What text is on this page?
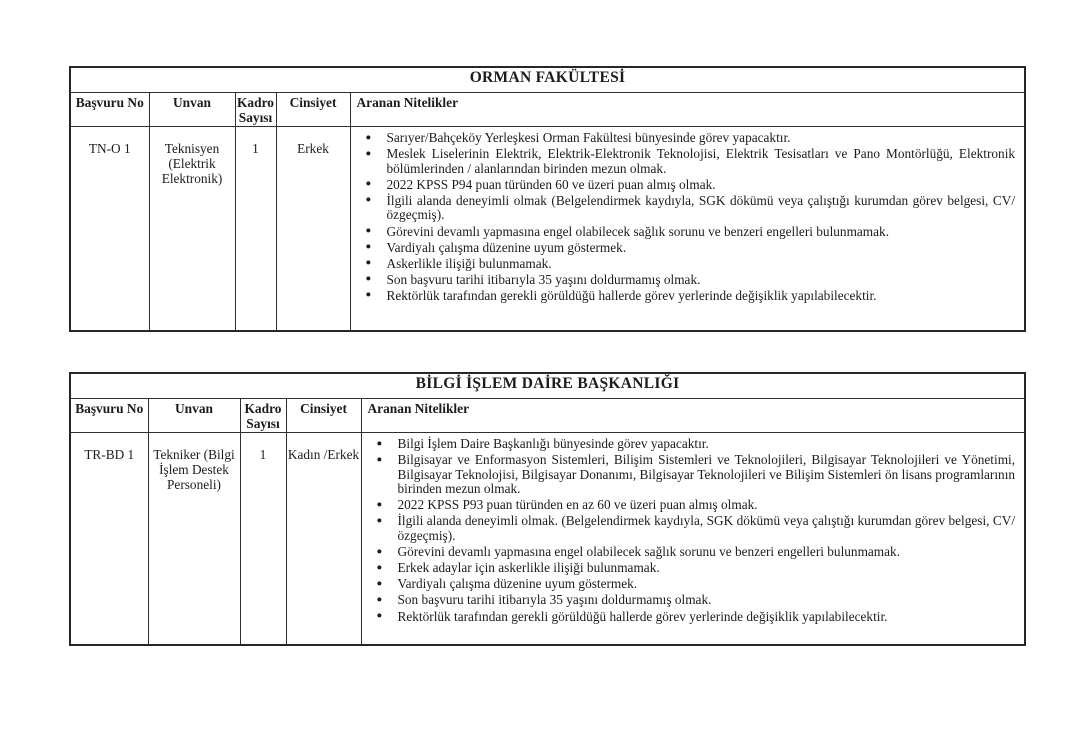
ORMAN FAKÜLTESİ				
Başvuru No	Unvan	Kadro Sayısı	Cinsiyet	Aranan Nitelikler
TN-O 1	Teknisyen (Elektrik Elektronik)	1	Erkek	
● Sarıyer/Bahçeköy Yerleşkesi Orman Fakültesi bünyesinde görev yapacaktır.
● Meslek Liselerinin Elektrik, Elektrik-Elektronik Teknolojisi, Elektrik Tesisatları ve Pano Montörlüğü, Elektronik bölümlerinden / alanlarından birinden mezun olmak.
● 2022 KPSS P94 puan türünden 60 ve üzeri puan almış olmak.
● İlgili alanda deneyimli olmak (Belgelendirmek kaydıyla, SGK dökümü veya çalıştığı kurumdan görev belgesi, CV/özgeçmiş).
● Görevini devamlı yapmasına engel olabilecek sağlık sorunu ve benzeri engelleri bulunmamak.
● Vardiyalı çalışma düzenine uyum göstermek.
● Askerlikle ilişiği bulunmamak.
● Son başvuru tarihi itibarıyla 35 yaşını doldurmamış olmak.
● Rektörlük tarafından gerekli görüldüğü hallerde görev yerlerinde değişiklik yapılabilecektir.
BİLGİ İŞLEM DAİRE BAŞKANLIĞI				
Başvuru No	Unvan	Kadro Sayısı	Cinsiyet	Aranan Nitelikler
TR-BD 1	Tekniker (Bilgi İşlem Destek Personeli)	1	Kadın /Erkek	
● Bilgi İşlem Daire Başkanlığı bünyesinde görev yapacaktır.
● Bilgisayar ve Enformasyon Sistemleri, Bilişim Sistemleri ve Teknolojileri, Bilgisayar Teknolojileri ve Yönetimi, Bilgisayar Teknolojisi, Bilgisayar Donanımı, Bilgisayar Teknolojileri ve Bilişim Sistemleri ön lisans programlarının birinden mezun olmak.
● 2022 KPSS P93 puan türünden en az 60 ve üzeri puan almış olmak.
● İlgili alanda deneyimli olmak. (Belgelendirmek kaydıyla, SGK dökümü veya çalıştığı kurumdan görev belgesi, CV/özgeçmiş).
● Görevini devamlı yapmasına engel olabilecek sağlık sorunu ve benzeri engelleri bulunmamak.
● Erkek adaylar için askerlikle ilişiği bulunmamak.
● Vardiyalı çalışma düzenine uyum göstermek.
● Son başvuru tarihi itibarıyla 35 yaşını doldurmamış olmak.
● Rektörlük tarafından gerekli görüldüğü hallerde görev yerlerinde değişiklik yapılabilecektir.
